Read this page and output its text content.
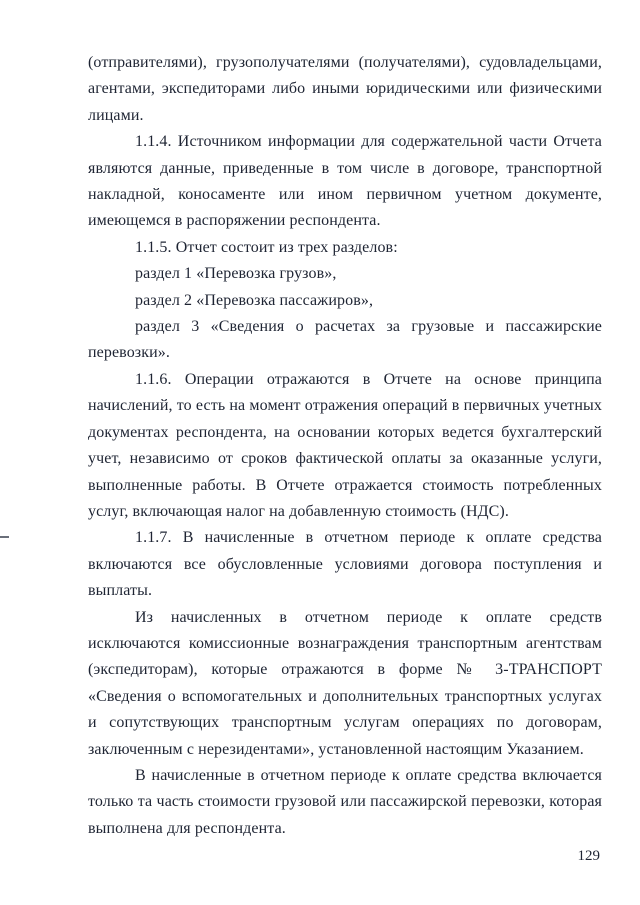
(отправителями), грузополучателями (получателями), судовладельцами, агентами, экспедиторами либо иными юридическими или физическими лицами.

1.1.4. Источником информации для содержательной части Отчета являются данные, приведенные в том числе в договоре, транспортной накладной, коносаменте или ином первичном учетном документе, имеющемся в распоряжении респондента.

1.1.5. Отчет состоит из трех разделов:

раздел 1 «Перевозка грузов»,

раздел 2 «Перевозка пассажиров»,

раздел 3 «Сведения о расчетах за грузовые и пассажирские перевозки».

1.1.6. Операции отражаются в Отчете на основе принципа начислений, то есть на момент отражения операций в первичных учетных документах респондента, на основании которых ведется бухгалтерский учет, независимо от сроков фактической оплаты за оказанные услуги, выполненные работы. В Отчете отражается стоимость потребленных услуг, включающая налог на добавленную стоимость (НДС).

1.1.7. В начисленные в отчетном периоде к оплате средства включаются все обусловленные условиями договора поступления и выплаты.

Из начисленных в отчетном периоде к оплате средств исключаются комиссионные вознаграждения транспортным агентствам (экспедиторам), которые отражаются в форме № 3-ТРАНСПОРТ «Сведения о вспомогательных и дополнительных транспортных услугах и сопутствующих транспортным услугам операциях по договорам, заключенным с нерезидентами», установленной настоящим Указанием.

В начисленные в отчетном периоде к оплате средства включается только та часть стоимости грузовой или пассажирской перевозки, которая выполнена для респондента.

129
